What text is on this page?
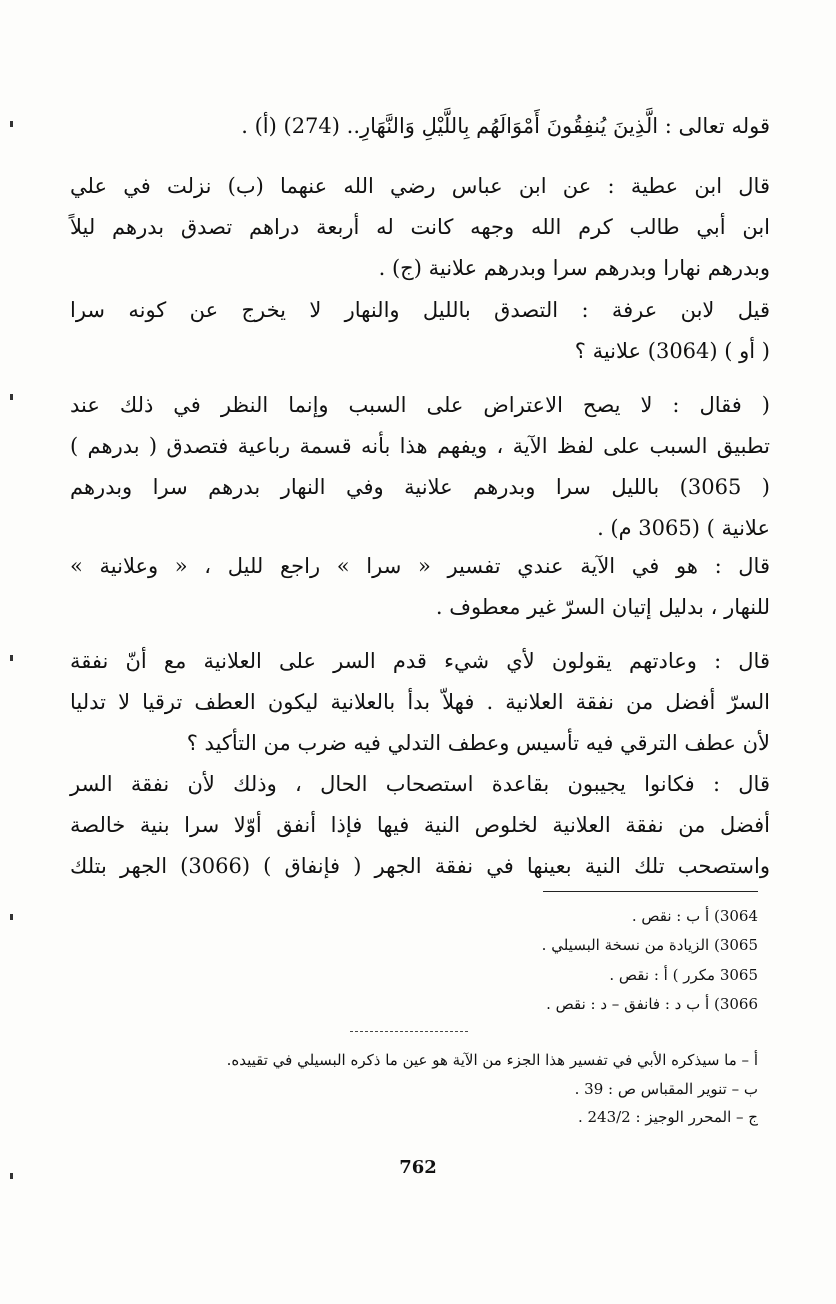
قوله تعالى : الَّذِينَ يُنفِقُونَ أَمْوَالَهُم بِاللَّيْلِ وَالنَّهَارِ.. (274) (أ) .
قال ابن عطية : عن ابن عباس رضي الله عنهما (ب) نزلت في علي
ابن أبي طالب كرم الله وجهه كانت له أربعة دراهم تصدق بدرهم ليلاً
وبدرهم نهارا وبدرهم سرا وبدرهم علانية (ج) .
قيل لابن عرفة : التصدق بالليل والنهار لا يخرج عن كونه سرا
( أو ) (3064) علانية ؟
( فقال : لا يصح الاعتراض على السبب وإنما النظر في ذلك عند
تطبيق السبب على لفظ الآية ، ويفهم هذا بأنه قسمة رباعية فتصدق ( بدرهم )
( 3065) بالليل سرا وبدرهم علانية وفي النهار بدرهم سرا وبدرهم
علانية ) (3065 م) .
قال : هو في الآية عندي تفسير « سرا » راجع لليل ، « وعلانية »
للنهار ، بدليل إتيان السرّ غير معطوف .
قال : وعادتهم يقولون لأي شيء قدم السر على العلانية مع أنّ نفقة
السرّ أفضل من نفقة العلانية . فهلاّ بدأ بالعلانية ليكون العطف ترقيا لا تدليا
لأن عطف الترقي فيه تأسيس وعطف التدلي فيه ضرب من التأكيد ؟
قال : فكانوا يجيبون بقاعدة استصحاب الحال ، وذلك لأن نفقة السر
أفضل من نفقة العلانية لخلوص النية فيها فإذا أنفق أوّلا سرا بنية خالصة
واستصحب تلك النية بعينها في نفقة الجهر ( فإنفاق ) (3066) الجهر بتلك
3064) أ ب : نقص .
3065) الزيادة من نسخة البسيلي .
3065 مكرر ) أ : نقص .
3066) أ ب د : فانفق – د : نقص .
أ – ما سيذكره الأبي في تفسير هذا الجزء من الآية هو عين ما ذكره البسيلي في تقييده.
ب – تنوير المقباس ص : 39 .
ج – المحرر الوجيز : 243/2 .
762
